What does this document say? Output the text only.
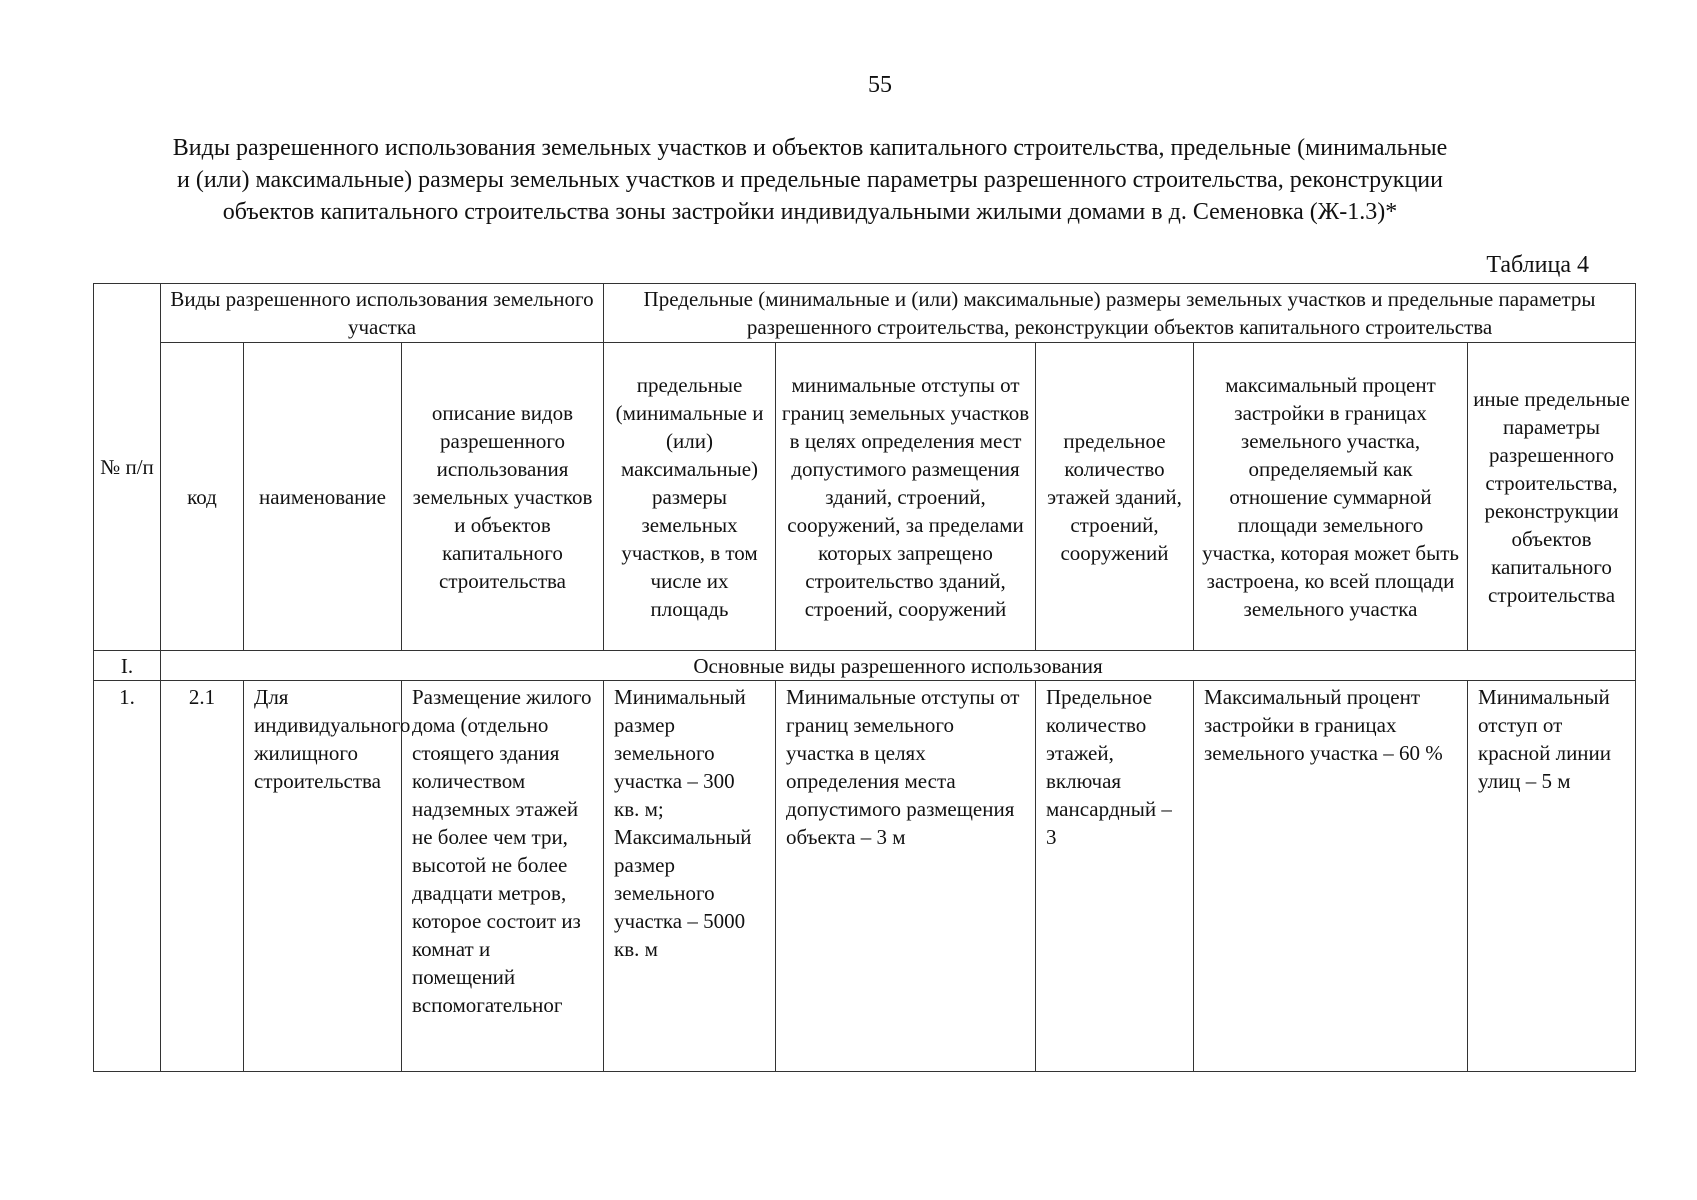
55
Виды разрешенного использования земельных участков и объектов капитального строительства, предельные (минимальные
и (или) максимальные) размеры земельных участков и предельные параметры разрешенного строительства, реконструкции
объектов капитального строительства зоны застройки индивидуальными жилыми домами в д. Семеновка (Ж-1.3)*
Таблица 4
№ п/п	Виды разрешенного использования земельного участка			Предельные (минимальные и (или) максимальные) размеры земельных участков и предельные параметры разрешенного строительства, реконструкции объектов капитального строительства				
	код	наименование	описание видов разрешенного использования земельных участков и объектов капитального строительства	предельные (минимальные и (или) максимальные) размеры земельных участков, в том числе их площадь	минимальные отступы от границ земельных участков в целях определения мест допустимого размещения зданий, строений, сооружений, за пределами которых запрещено строительство зданий, строений, сооружений	предельное количество этажей зданий, строений, сооружений	максимальный процент застройки в границах земельного участка, определяемый как отношение суммарной площади земельного участка, которая может быть застроена, ко всей площади земельного участка	иные предельные параметры разрешенного строительства, реконструкции объектов капитального строительства
I.	Основные виды разрешенного использования							
1.	2.1	Для индивидуального жилищного строительства	Размещение жилого дома (отдельно стоящего здания количеством надземных этажей не более чем три, высотой не более двадцати метров, которое состоит из комнат и помещений вспомогательног	Минимальный размер земельного участка – 300 кв. м; Максимальный размер земельного участка – 5000 кв. м	Минимальные отступы от границ земельного участка в целях определения места допустимого размещения объекта – 3 м	Предельное количество этажей, включая мансардный – 3	Максимальный процент застройки в границах земельного участка – 60 %	Минимальный отступ от красной линии улиц – 5 м
